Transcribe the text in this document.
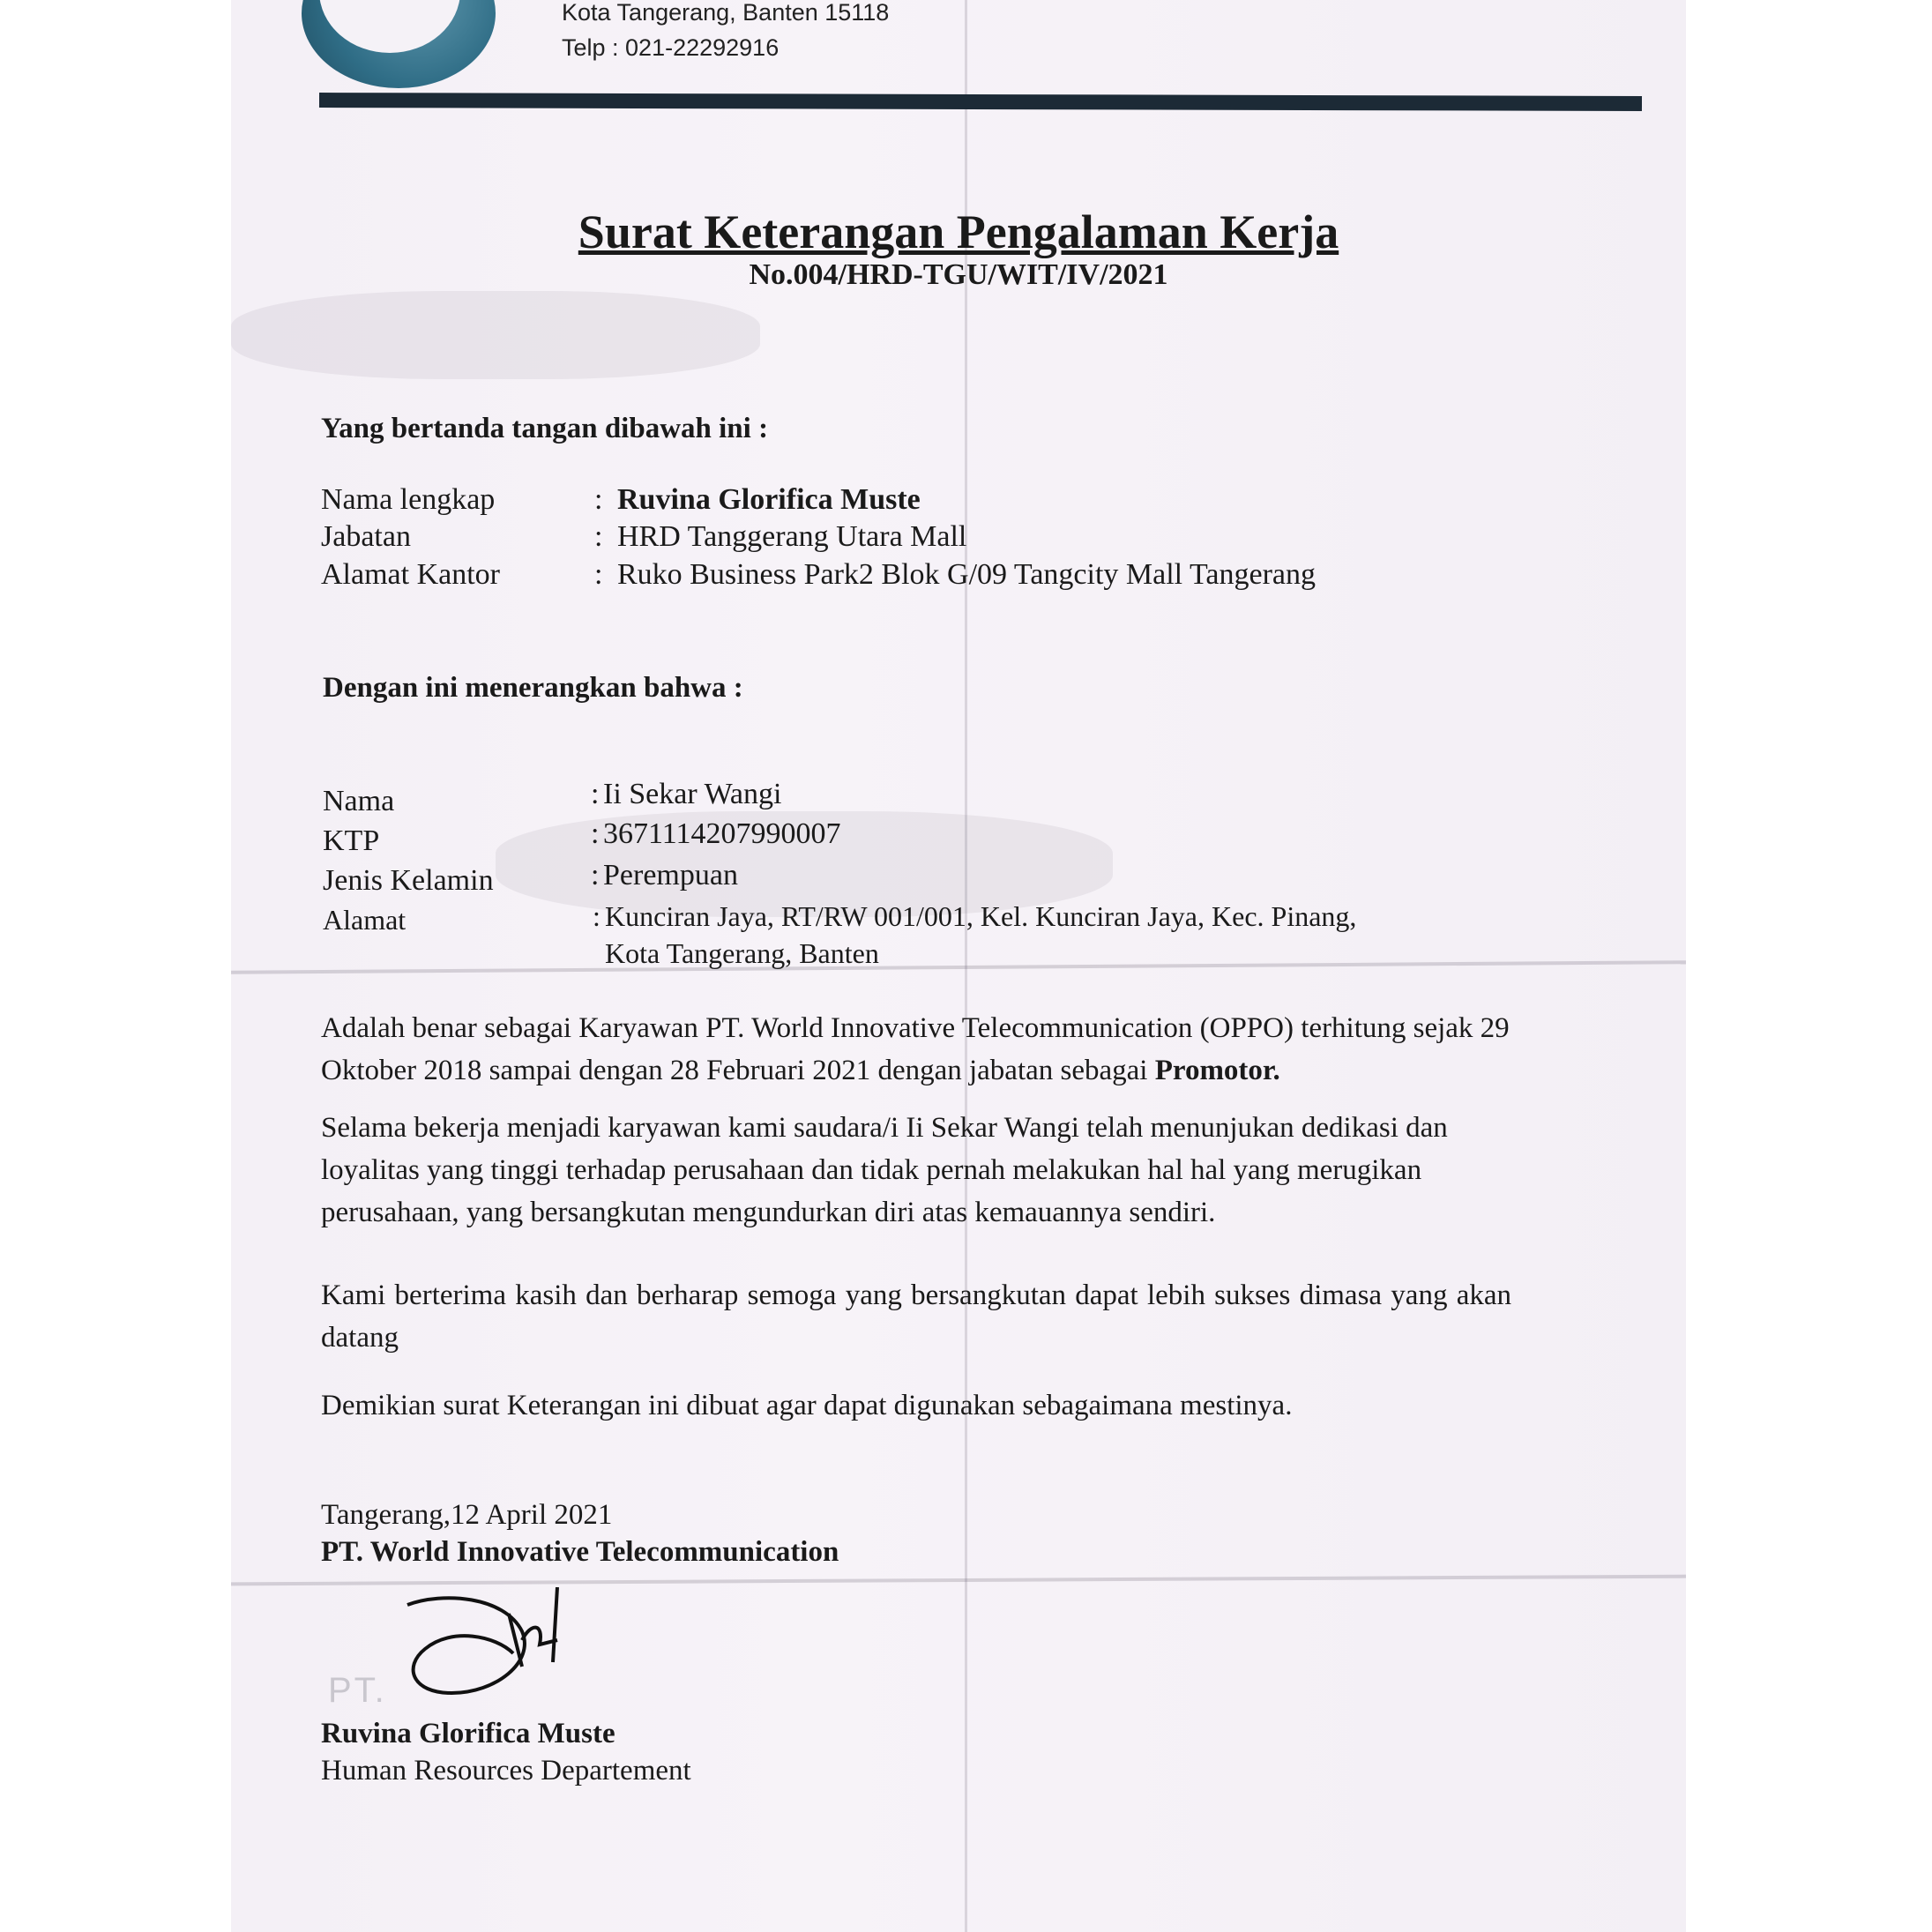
Kota Tangerang, Banten 15118
Telp : 021-22292916
Surat Keterangan Pengalaman Kerja
No.004/HRD-TGU/WIT/IV/2021
Yang bertanda tangan dibawah ini :
Nama lengkap	: Ruvina Glorifica Muste
Jabatan	: HRD Tanggerang Utara Mall
Alamat Kantor	: Ruko Business Park2 Blok G/09 Tangcity Mall Tangerang
Dengan ini menerangkan bahwa :
Nama	: Ii Sekar Wangi
KTP	: 3671114207990007
Jenis Kelamin	: Perempuan
Alamat	: Kunciran Jaya, RT/RW 001/001, Kel. Kunciran Jaya, Kec. Pinang,
Kota Tangerang, Banten
Adalah benar sebagai Karyawan PT. World Innovative Telecommunication (OPPO) terhitung sejak 29 Oktober 2018 sampai dengan 28 Februari 2021 dengan jabatan sebagai Promotor.
Selama bekerja menjadi karyawan kami saudara/i Ii Sekar Wangi telah menunjukan dedikasi dan loyalitas yang tinggi terhadap perusahaan dan tidak pernah melakukan hal hal yang merugikan perusahaan, yang bersangkutan mengundurkan diri atas kemauannya sendiri.
Kami berterima kasih dan berharap semoga yang bersangkutan dapat lebih sukses dimasa yang akan datang
Demikian surat Keterangan ini dibuat agar dapat digunakan sebagaimana mestinya.
Tangerang,12 April 2021
PT. World Innovative Telecommunication
PT.
Ruvina Glorifica Muste
Human Resources Departement
